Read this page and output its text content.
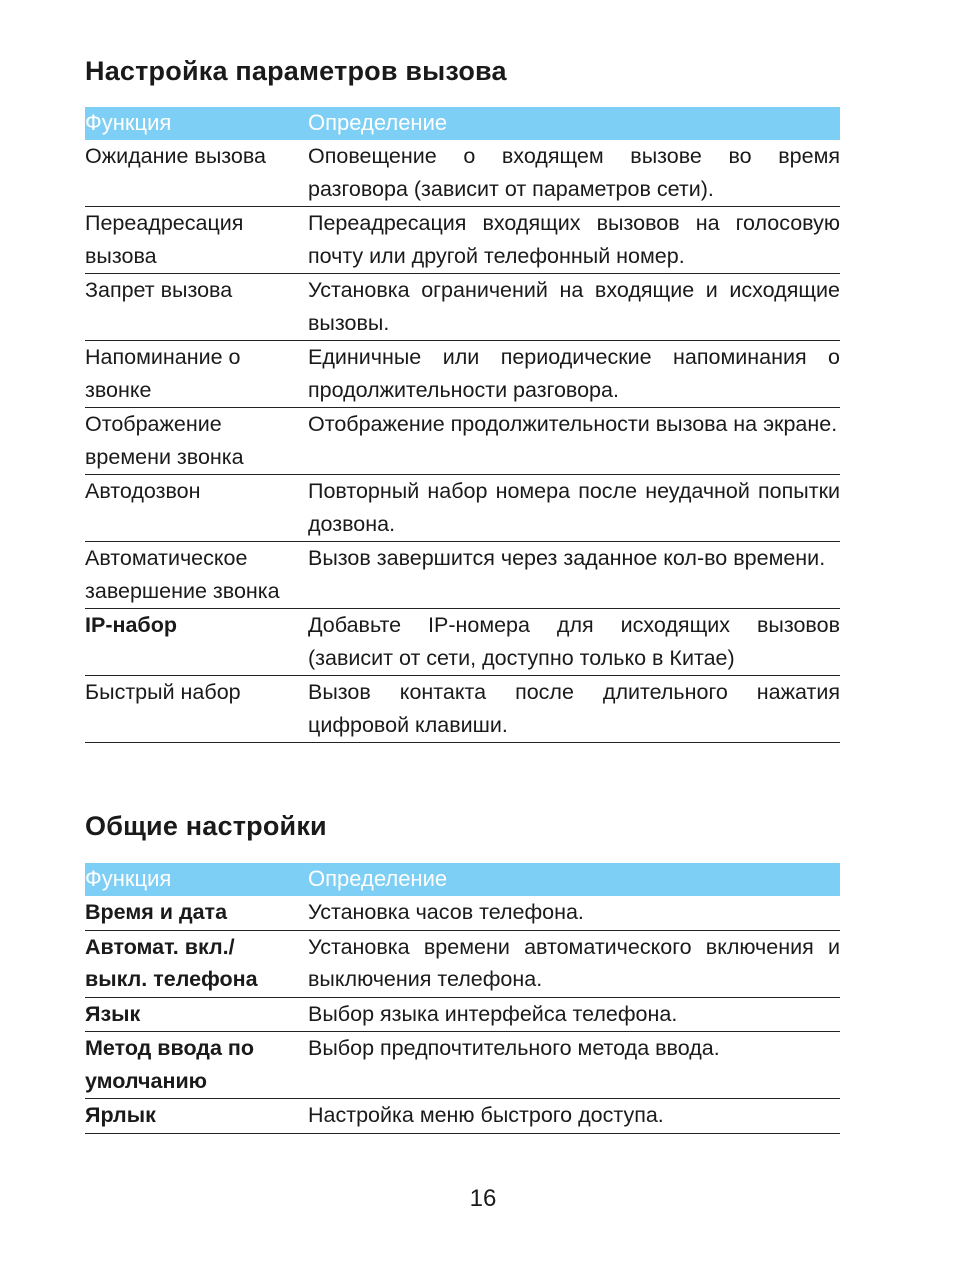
Настройка параметров вызова
Функция	Определение
Ожидание вызова	Оповещение о входящем вызове во время разговора (зависит от параметров сети).
Переадресация вызова	Переадресация входящих вызовов на голосовую почту или другой телефонный номер.
Запрет вызова	Установка ограничений на входящие и исходящие вызовы.
Напоминание о звонке	Единичные или периодические напоминания о продолжительности разговора.
Отображение времени звонка	Отображение продолжительности вызова на экране.
Автодозвон	Повторный набор номера после неудачной попытки дозвона.
Автоматическое завершение звонка	Вызов завершится через заданное кол-во времени.
IP-набор	Добавьте IP-номера для исходящих вызовов (зависит от сети, доступно только в Китае)
Быстрый набор	Вызов контакта после длительного нажатия цифровой клавиши.
Общие настройки
Функция	Определение
Время и дата	Установка часов телефона.
Автомат. вкл./ выкл. телефона	Установка времени автоматического включения и выключения телефона.
Язык	Выбор языка интерфейса телефона.
Метод ввода по умолчанию	Выбор предпочтительного метода ввода.
Ярлык	Настройка меню быстрого доступа.
16
